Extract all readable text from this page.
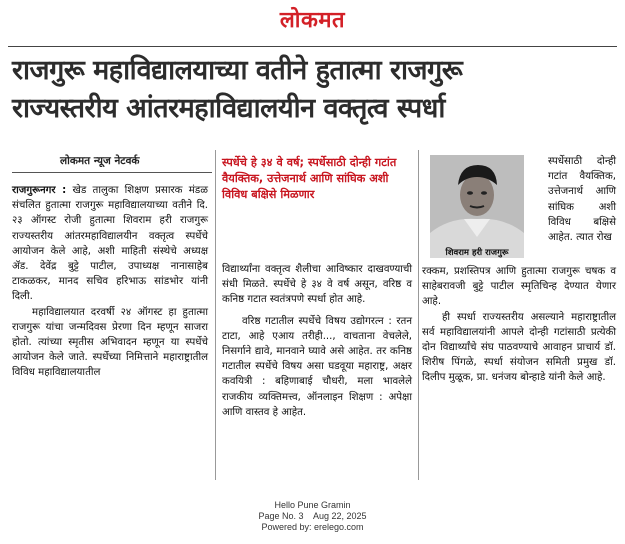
लोकमत
राजगुरू महाविद्यालयाच्या वतीने हुतात्मा राजगुरू
राज्यस्तरीय आंतरमहाविद्यालयीन वक्तृत्व स्पर्धा
लोकमत न्यूज नेटवर्क

राजगुरूनगर : खेड तालुका शिक्षण प्रसारक मंडळ संचलित हुतात्मा राजगुरू महाविद्यालयाच्या वतीने दि. २३ ऑगस्ट रोजी हुतात्मा शिवराम हरी राजगुरू राज्यस्तरीय आंतरमहाविद्यालयीन वक्तृत्व स्पर्धेचे आयोजन केले आहे, अशी माहिती संस्थेचे अध्यक्ष ॲड. देवेंद्र बुट्टे पाटील, उपाध्यक्ष नानासाहेब टाकळकर, मानद सचिव हरिभाऊ सांडभोर यांनी दिली.

महाविद्यालयात दरवर्षी २४ ऑगस्ट हा हुतात्मा राजगुरू यांचा जन्मदिवस प्रेरणा दिन म्हणून साजरा होतो. त्यांच्या स्मृतीस अभिवादन म्हणून या स्पर्धेचे आयोजन केले जाते. स्पर्धेच्या निमित्ताने महाराष्ट्रातील विविध महाविद्यालयातील

स्पर्धेचे हे ३४ वे वर्ष; स्पर्धेसाठी दोन्ही गटांत वैयक्तिक, उत्तेजनार्थ आणि सांघिक अशी विविध बक्षिसे मिळणार

विद्यार्थ्यांना वक्तृत्व शैलीचा आविष्कार दाखवण्याची संधी मिळते. स्पर्धेचे हे ३४ वे वर्ष असून, वरिष्ठ व कनिष्ठ गटात स्वतंत्रपणे स्पर्धा होत आहे.

वरिष्ठ गटातील स्पर्धेचे विषय उद्योगरत्न : रतन टाटा, आहे एआय तरीही..., वाचताना वेचलेले, निसर्गाने द्यावे, मानवाने घ्यावे असे आहेत. तर कनिष्ठ गटातील स्पर्धेचे विषय असा घडवूया महाराष्ट्र, अक्षर कवयित्री : बहिणाबाई चौधरी, मला भावलेले राजकीय व्यक्तिमत्त्व, ऑनलाइन शिक्षण : अपेक्षा आणि वास्तव हे आहेत.

शिवराम हरी राजगुरू
स्पर्धेसाठी दोन्ही गटांत वैयक्तिक, उत्तेजनार्थ आणि सांघिक अशी विविध बक्षिसे आहेत. त्यात रोख

रक्कम, प्रशस्तिपत्र आणि हुतात्मा राजगुरू चषक व साहेबरावजी बुट्टे पाटील स्मृतिचिन्ह देण्यात येणार आहे.

ही स्पर्धा राज्यस्तरीय असल्याने महाराष्ट्रातील सर्व महाविद्यालयांनी आपले दोन्ही गटांसाठी प्रत्येकी दोन विद्यार्थ्यांचे संघ पाठवण्याचे आवाहन प्राचार्य डॉ. शिरीष पिंगळे, स्पर्धा संयोजन समिती प्रमुख डॉ. दिलीप मुळूक, प्रा. धनंजय बोन्हाडे यांनी केले आहे.

Hello Pune Gramin
Page No. 3    Aug 22, 2025
Powered by: erelego.com
